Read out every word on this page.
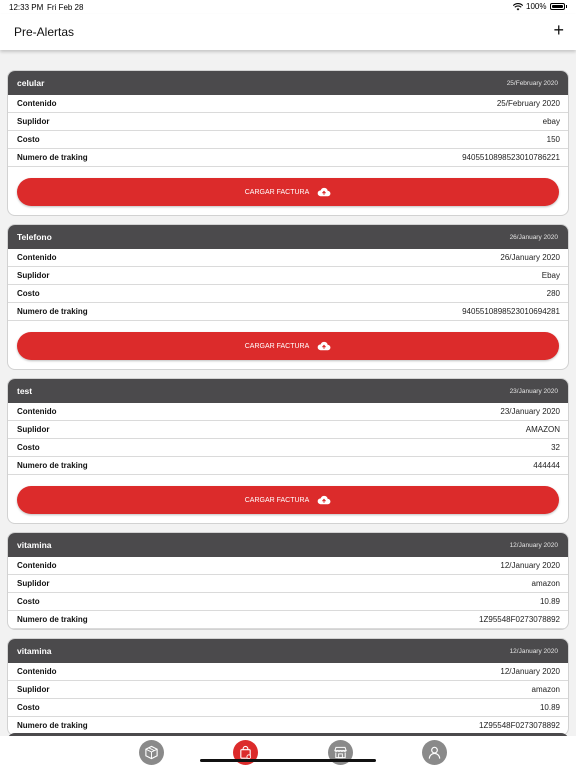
12:33 PM Fri Feb 28	100%
Pre-Alertas	+
celular	25/February 2020
Contenido	25/February 2020
Suplidor	ebay
Costo	150
Numero de traking	9405510898523010786221
CARGAR FACTURA
Telefono	26/January 2020
Contenido	26/January 2020
Suplidor	Ebay
Costo	280
Numero de traking	9405510898523010694281
CARGAR FACTURA
test	23/January 2020
Contenido	23/January 2020
Suplidor	AMAZON
Costo	32
Numero de traking	444444
CARGAR FACTURA
vitamina	12/January 2020
Contenido	12/January 2020
Suplidor	amazon
Costo	10.89
Numero de traking	1Z95548F0273078892
vitamina	12/January 2020
Contenido	12/January 2020
Suplidor	amazon
Costo	10.89
Numero de traking	1Z95548F0273078892
